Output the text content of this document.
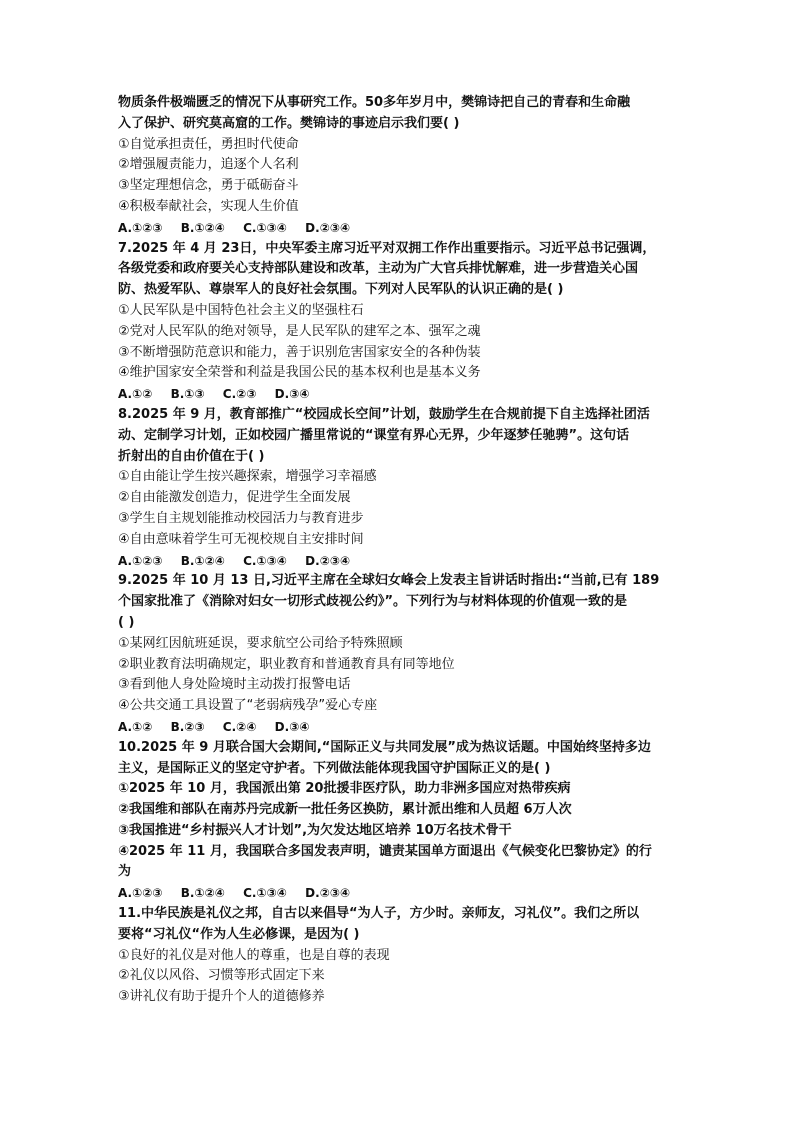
物质条件极端匮乏的情况下从事研究工作。50多年岁月中，樊锦诗把自己的青春和生命融
入了保护、研究莫高窟的工作。樊锦诗的事迹启示我们要( )
①自觉承担责任，勇担时代使命
②增强履责能力，追逐个人名利
③坚定理想信念，勇于砥砺奋斗
④积极奉献社会，实现人生价值
A.①②③ B.①②④ C.①③④ D.②③④
7.2025 年 4 月 23日，中央军委主席习近平对双拥工作作出重要指示。习近平总书记强调，
各级党委和政府要关心支持部队建设和改革，主动为广大官兵排忧解难，进一步营造关心国
防、热爱军队、尊崇军人的良好社会氛围。下列对人民军队的认识正确的是( )
①人民军队是中国特色社会主义的坚强柱石
②党对人民军队的绝对领导，是人民军队的建军之本、强军之魂
③不断增强防范意识和能力，善于识别危害国家安全的各种伪装
④维护国家安全荣誉和利益是我国公民的基本权利也是基本义务
A.①② B.①③ C.②③ D.③④
8.2025 年 9 月，教育部推广“校园成长空间”计划，鼓励学生在合规前提下自主选择社团活
动、定制学习计划，正如校园广播里常说的“课堂有界心无界，少年逐梦任驰骋”。这句话
折射出的自由价值在于( )
①自由能让学生按兴趣探索，增强学习幸福感
②自由能激发创造力，促进学生全面发展
③学生自主规划能推动校园活力与教育进步
④自由意味着学生可无视校规自主安排时间
A.①②③ B.①②④ C.①③④ D.②③④
9.2025 年 10 月 13 日,习近平主席在全球妇女峰会上发表主旨讲话时指出:“当前,已有 189
个国家批准了《消除对妇女一切形式歧视公约》”。下列行为与材料体现的价值观一致的是
( )
①某网红因航班延误，要求航空公司给予特殊照顾
②职业教育法明确规定，职业教育和普通教育具有同等地位
③看到他人身处险境时主动拨打报警电话
④公共交通工具设置了“老弱病残孕”爱心专座
A.①② B.②③ C.②④ D.③④
10.2025 年 9 月联合国大会期间,“国际正义与共同发展”成为热议话题。中国始终坚持多边
主义，是国际正义的坚定守护者。下列做法能体现我国守护国际正义的是( )
①2025 年 10 月，我国派出第 20批援非医疗队，助力非洲多国应对热带疾病
②我国维和部队在南苏丹完成新一批任务区换防，累计派出维和人员超 6万人次
③我国推进“乡村振兴人才计划”,为欠发达地区培养 10万名技术骨干
④2025 年 11 月，我国联合多国发表声明，谴责某国单方面退出《气候变化巴黎协定》的行
为
A.①②③ B.①②④ C.①③④ D.②③④
11.中华民族是礼仪之邦，自古以来倡导“为人子，方少时。亲师友，习礼仪”。我们之所以
要将“习礼仪“作为人生必修课，是因为( )
①良好的礼仪是对他人的尊重，也是自尊的表现
②礼仪以风俗、习惯等形式固定下来
③讲礼仪有助于提升个人的道德修养
